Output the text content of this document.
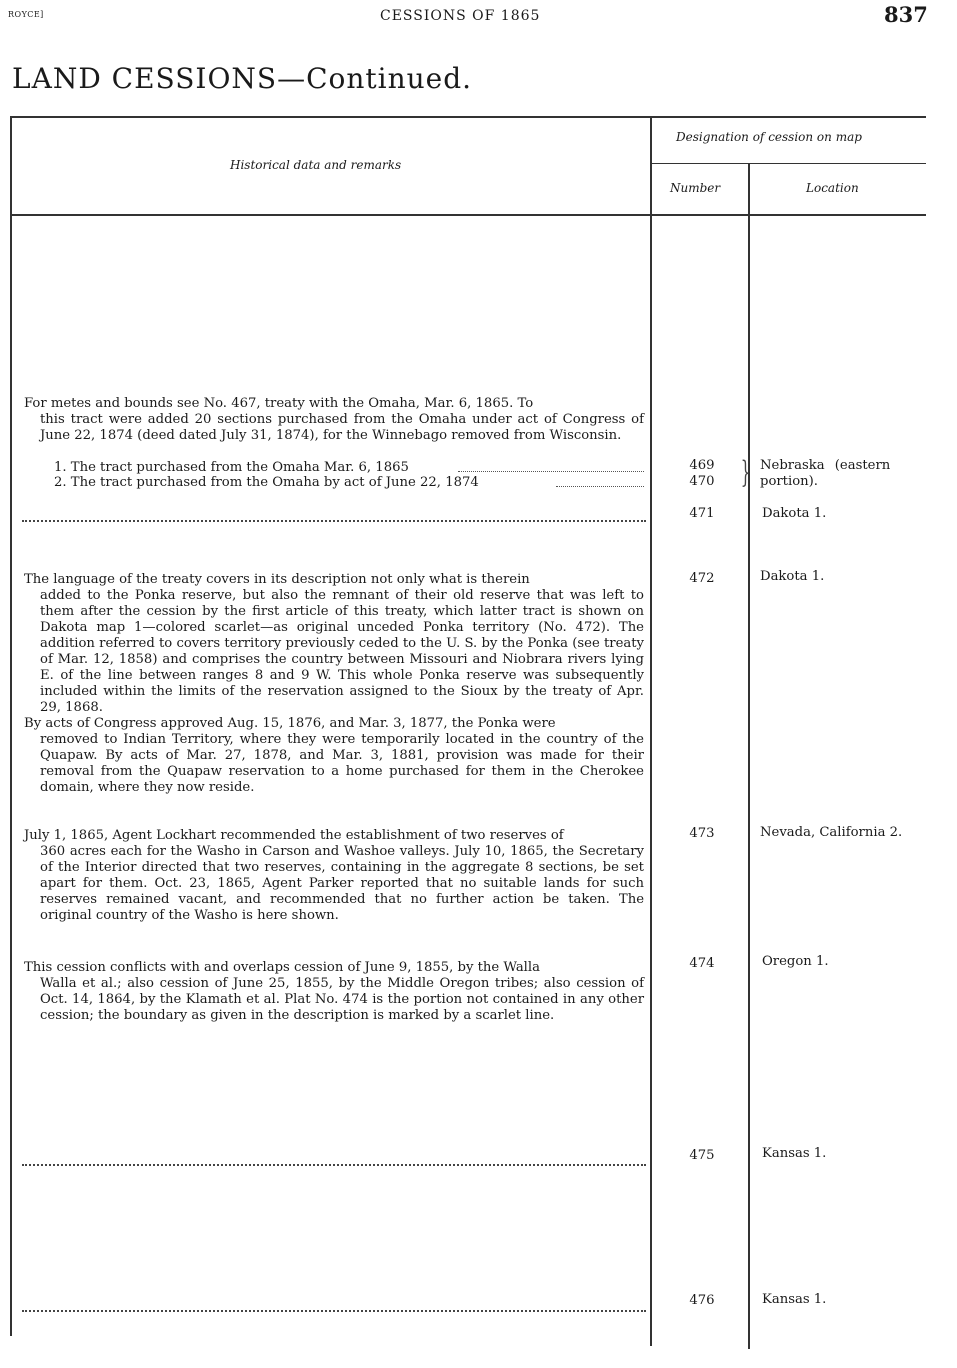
ROYCE]	CESSIONS OF 1865	837
LAND CESSIONS—Continued.
Historical data and remarks
Designation of cession on map
Number	Location
For metes and bounds see No. 467, treaty with the Omaha, Mar. 6, 1865. To
this tract were added 20 sections purchased from the Omaha under act of Congress of June 22, 1874 (deed dated July 31, 1874), for the Winnebago removed from Wisconsin.
1. The tract purchased from the Omaha Mar. 6, 1865
2. The tract purchased from the Omaha by act of June 22, 1874
469
470 } Nebraska (eastern portion).
471	Dakota 1.
The language of the treaty covers in its description not only what is therein
added to the Ponka reserve, but also the remnant of their old reserve that was left to them after the cession by the first article of this treaty, which latter tract is shown on Dakota map 1—colored scarlet—as original unceded Ponka territory (No. 472). The addition referred to covers territory previously ceded to the U. S. by the Ponka (see treaty of Mar. 12, 1858) and comprises the country between Missouri and Niobrara rivers lying E. of the line between ranges 8 and 9 W. This whole Ponka reserve was subsequently included within the limits of the reservation assigned to the Sioux by the treaty of Apr. 29, 1868.
By acts of Congress approved Aug. 15, 1876, and Mar. 3, 1877, the Ponka were
removed to Indian Territory, where they were temporarily located in the country of the Quapaw. By acts of Mar. 27, 1878, and Mar. 3, 1881, provision was made for their removal from the Quapaw reservation to a home purchased for them in the Cherokee domain, where they now reside.
472	Dakota 1.
July 1, 1865, Agent Lockhart recommended the establishment of two reserves of
360 acres each for the Washo in Carson and Washoe valleys. July 10, 1865, the Secretary of the Interior directed that two reserves, containing in the aggregate 8 sections, be set apart for them. Oct. 23, 1865, Agent Parker reported that no suitable lands for such reserves remained vacant, and recommended that no further action be taken. The original country of the Washo is here shown.
473	Nevada, California 2.
This cession conflicts with and overlaps cession of June 9, 1855, by the Walla
Walla et al.; also cession of June 25, 1855, by the Middle Oregon tribes; also cession of Oct. 14, 1864, by the Klamath et al. Plat No. 474 is the portion not contained in any other cession; the boundary as given in the description is marked by a scarlet line.
474	Oregon 1.
475	Kansas 1.
476	Kansas 1.
